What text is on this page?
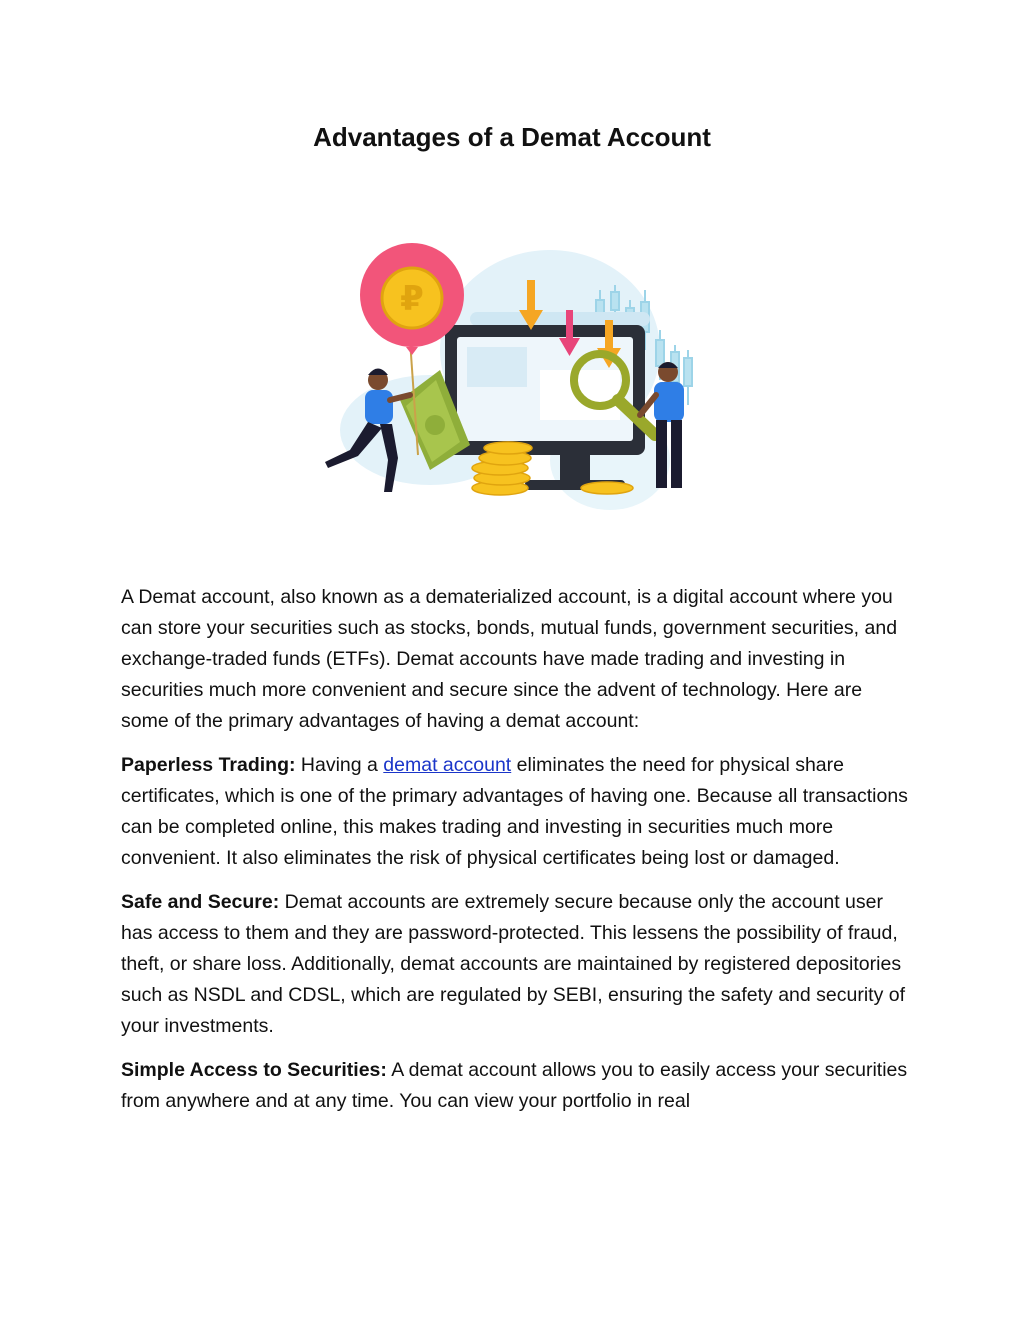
Advantages of a Demat Account
₽

A Demat account, also known as a dematerialized account, is a digital account where you can store your securities such as stocks, bonds, mutual funds, government securities, and exchange-traded funds (ETFs). Demat accounts have made trading and investing in securities much more convenient and secure since the advent of technology. Here are some of the primary advantages of having a demat account:

Paperless Trading: Having a demat account eliminates the need for physical share certificates, which is one of the primary advantages of having one. Because all transactions can be completed online, this makes trading and investing in securities much more convenient. It also eliminates the risk of physical certificates being lost or damaged.

Safe and Secure: Demat accounts are extremely secure because only the account user has access to them and they are password-protected. This lessens the possibility of fraud, theft, or share loss. Additionally, demat accounts are maintained by registered depositories such as NSDL and CDSL, which are regulated by SEBI, ensuring the safety and security of your investments.

Simple Access to Securities: A demat account allows you to easily access your securities from anywhere and at any time. You can view your portfolio in real
